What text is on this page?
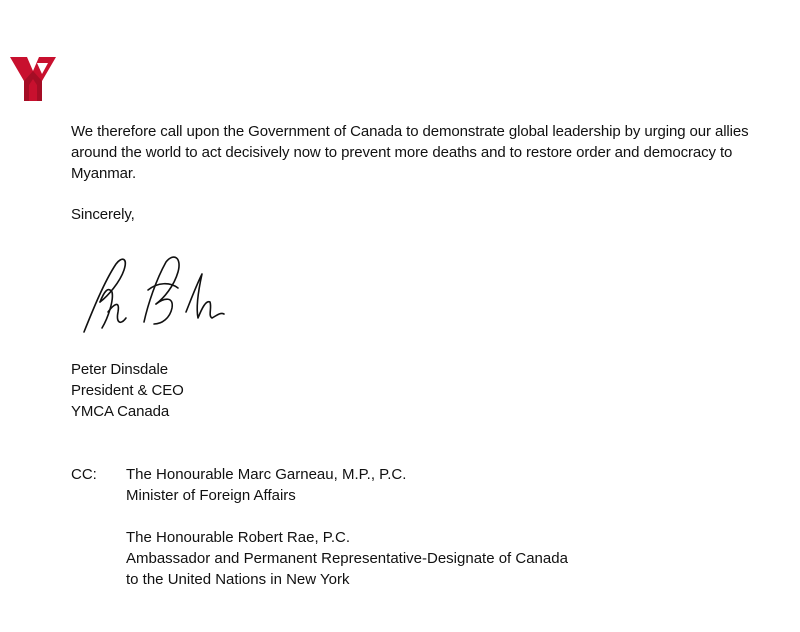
We therefore call upon the Government of Canada to demonstrate global leadership by urging our allies
around the world to act decisively now to prevent more deaths and to restore order and democracy to
Myanmar.
Sincerely,
Peter Dinsdale
President & CEO
YMCA Canada
CC: The Honourable Marc Garneau, M.P., P.C.
Minister of Foreign Affairs
The Honourable Robert Rae, P.C.
Ambassador and Permanent Representative-Designate of Canada
to the United Nations in New York
